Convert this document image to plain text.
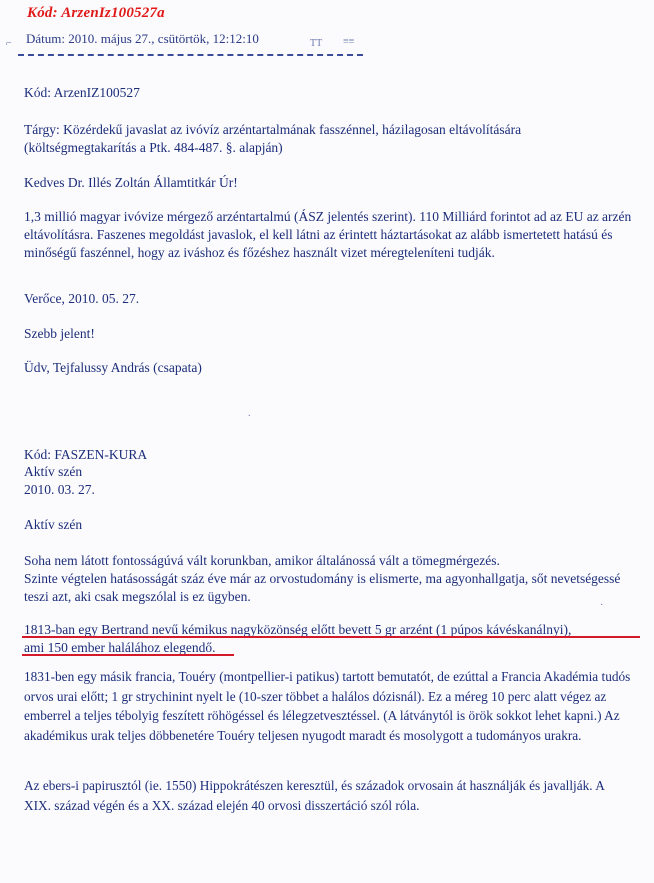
Kód: ArzenIz100527a
⌐	Dátum: 2010. május 27., csütörtök, 12:12:10	ТТ ≡≡
Kód: ArzenIZ100527
Tárgy: Közérdekű javaslat az ivóvíz arzéntartalmának fasszénnel, házilagosan eltávolítására (költségmegtakarítás a Ptk. 484-487. §. alapján)
Kedves Dr. Illés Zoltán Államtitkár Úr!
1,3 millió magyar ivóvize mérgező arzéntartalmú (ÁSZ jelentés szerint). 110 Milliárd forintot ad az EU az arzén eltávolításra. Faszenes megoldást javaslok, el kell látni az érintett háztartásokat az alább ismertetett hatású és minőségű faszénnel, hogy az iváshoz és főzéshez használt vizet méregteleníteni tudják.
Verőce, 2010. 05. 27.
Szebb jelent!
Üdv, Tejfalussy András (csapata)
Kód: FASZEN-KURA
Aktív szén
2010. 03. 27.
Aktív szén
Soha nem látott fontosságúvá vált korunkban, amikor általánossá vált a tömegmérgezés.
Szinte végtelen hatásosságát száz éve már az orvostudomány is elismerte, ma agyonhallgatja, sőt nevetségessé teszi azt, aki csak megszólal is ez ügyben.
1813-ban egy Bertrand nevű kémikus nagyközönség előtt bevett 5 gr arzént (1 púpos kávéskanálnyi),
ami 150 ember halálához elegendő.
1831-ben egy másik francia, Touéry (montpellier-i patikus) tartott bemutatót, de ezúttal a Francia Akadémia tudós orvos urai előtt; 1 gr strychinint nyelt le (10-szer többet a halálos dózisnál). Ez a méreg 10 perc alatt végez az emberrel a teljes tébolyig feszített röhögéssel és lélegzetvesztéssel. (A látványtól is örök sokkot lehet kapni.) Az akadémikus urak teljes döbbenetére Touéry teljesen nyugodt maradt és mosolygott a tudományos urakra.
Az ebers-i papirusztól (ie. 1550) Hippokrátészen keresztül, és századok orvosain át használják és javallják. A XIX. század végén és a XX. század elején 40 orvosi disszertáció szól róla.
·
.
